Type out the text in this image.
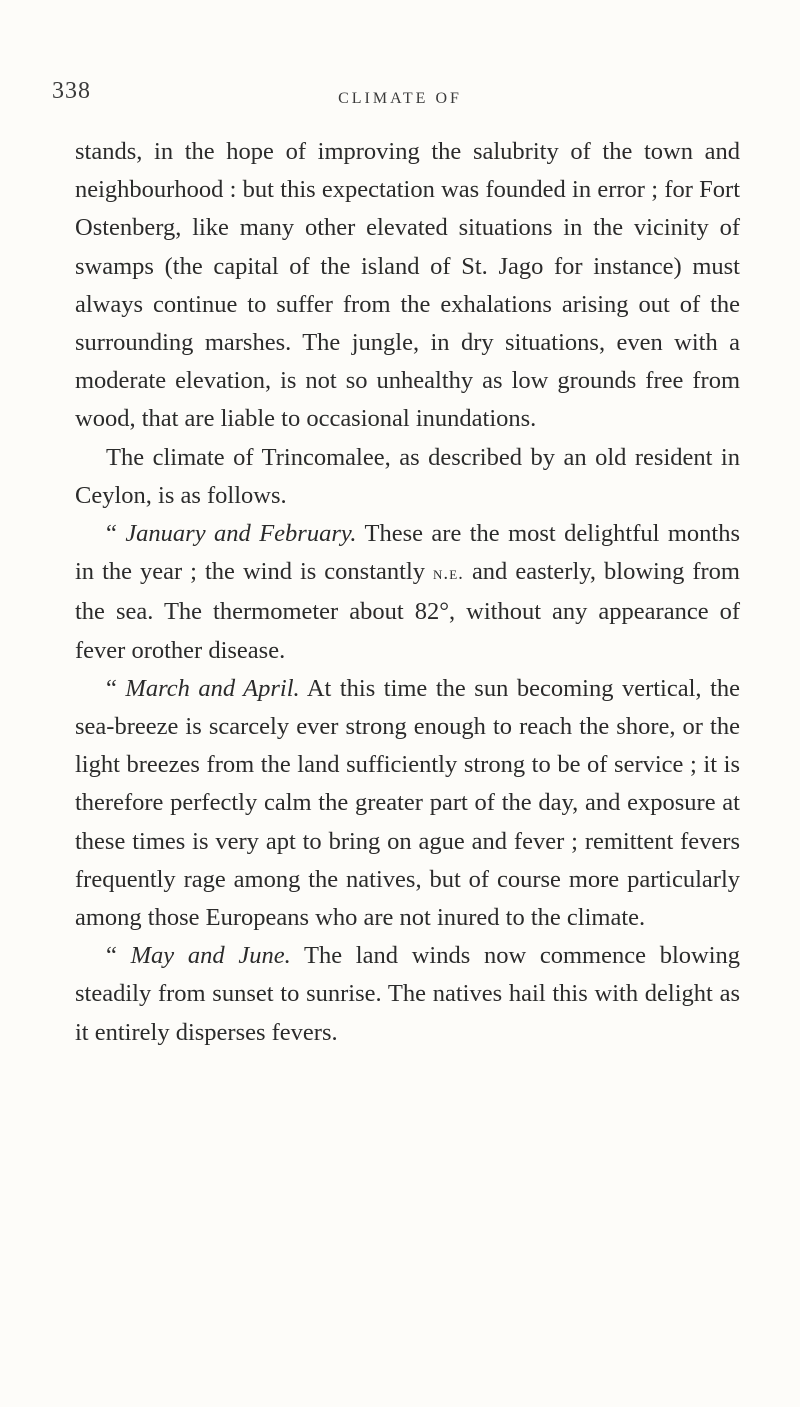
338	CLIMATE OF

stands, in the hope of improving the salubrity of the town and neighbourhood : but this expectation was founded in error ; for Fort Ostenberg, like many other elevated situations in the vicinity of swamps (the capital of the island of St. Jago for instance) must always continue to suffer from the exhalations arising out of the surrounding marshes. The jungle, in dry situations, even with a moderate elevation, is not so unhealthy as low grounds free from wood, that are liable to occasional inundations.

The climate of Trincomalee, as described by an old resident in Ceylon, is as follows.

“ January and February. These are the most delightful months in the year ; the wind is constantly n.e. and easterly, blowing from the sea. The thermometer about 82°, without any appearance of fever orother disease.

“ March and April. At this time the sun becoming vertical, the sea-breeze is scarcely ever strong enough to reach the shore, or the light breezes from the land sufficiently strong to be of service ; it is therefore perfectly calm the greater part of the day, and exposure at these times is very apt to bring on ague and fever ; remittent fevers frequently rage among the natives, but of course more particularly among those Europeans who are not inured to the climate.

“ May and June. The land winds now commence blowing steadily from sunset to sunrise. The natives hail this with delight as it entirely disperses fevers.
